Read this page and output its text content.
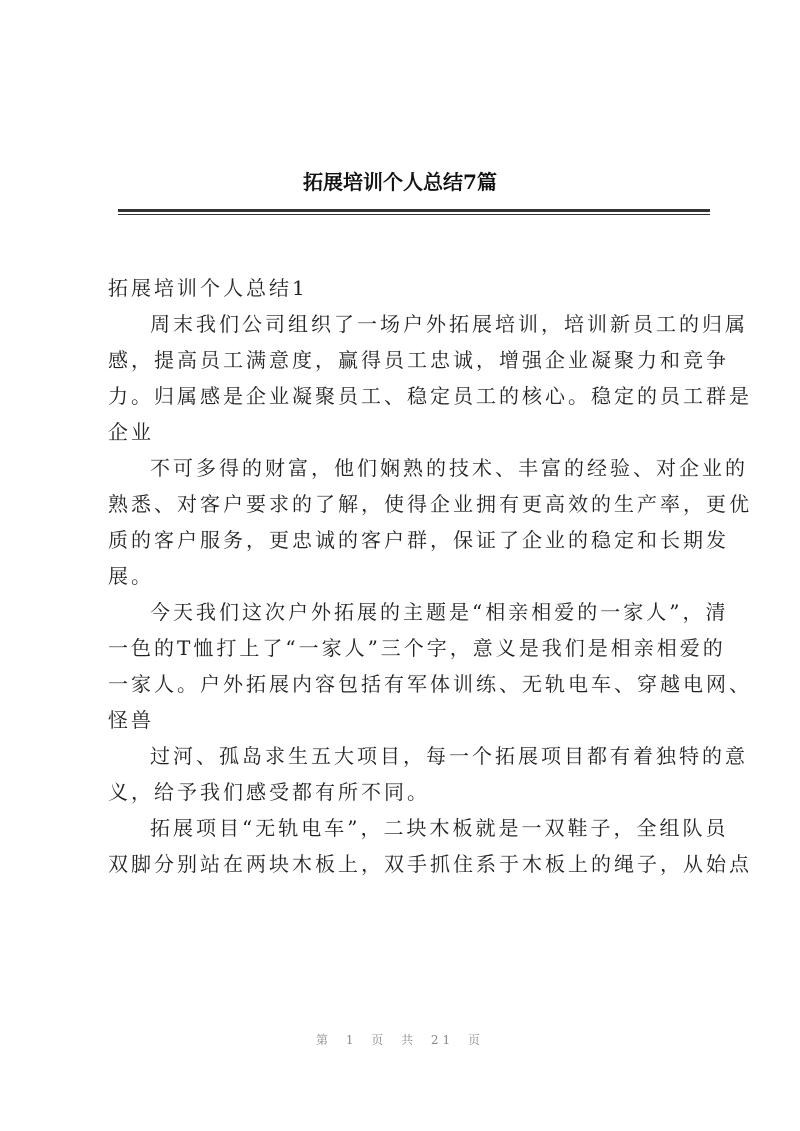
拓展培训个人总结7篇
拓展培训个人总结1
周末我们公司组织了一场户外拓展培训，培训新员工的归属
感，提高员工满意度，赢得员工忠诚，增强企业凝聚力和竞争
力。归属感是企业凝聚员工、稳定员工的核心。稳定的员工群是
企业
不可多得的财富，他们娴熟的技术、丰富的经验、对企业的
熟悉、对客户要求的了解，使得企业拥有更高效的生产率，更优
质的客户服务，更忠诚的客户群，保证了企业的稳定和长期发
展。
今天我们这次户外拓展的主题是“相亲相爱的一家人”，清
一色的T恤打上了“一家人”三个字，意义是我们是相亲相爱的
一家人。户外拓展内容包括有军体训练、无轨电车、穿越电网、
怪兽
过河、孤岛求生五大项目，每一个拓展项目都有着独特的意
义，给予我们感受都有所不同。
拓展项目“无轨电车”，二块木板就是一双鞋子，全组队员
双脚分别站在两块木板上，双手抓住系于木板上的绳子，从始点
第 1 页 共 21 页
